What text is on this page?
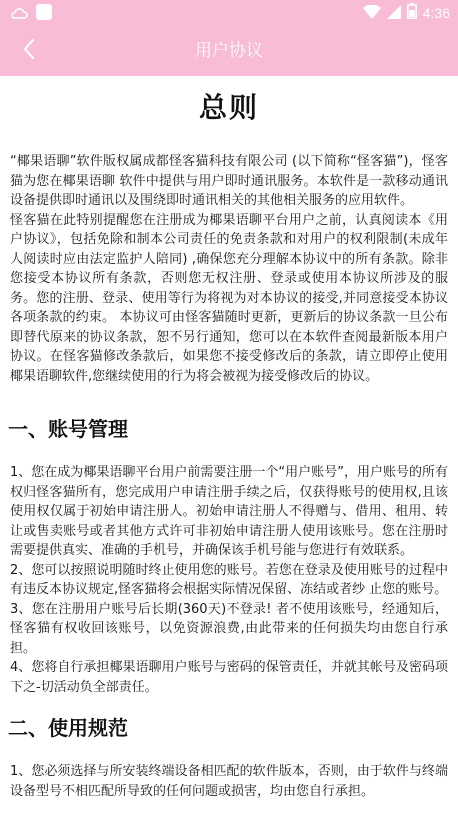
4:36
用户协议
总则

“椰果语聊”软件版权属成都怪客猫科技有限公司 (以下简称“怪客猫”)，怪客猫为您在椰果语聊 软件中提供与用户即时通讯服务。本软件是一款移动通讯设备提供即时通讯以及围绕即时通讯相关的其他相关服务的应用软件。

怪客猫在此特别提醒您在注册成为椰果语聊平台用户之前，认真阅读本《用户协议》，包括免除和制本公司责任的免责条款和对用户的权利限制(未成年人阅读时应由法定监护人陪同) ,确保您充分理解本协议中的所有条款。除非您接受本协议所有条款，否则您无权注册、登录或使用本协议所涉及的服务。您的注册、登录、使用等行为将视为对本协议的接受,并同意接受本协议各项条款的约束。 本协议可由怪客猫随时更新，更新后的协议条款一旦公布即替代原来的协议条款，恕不另行通知，您可以在本软件查阅最新版本用户协议。在怪客猫修改条款后，如果您不接受修改后的条款，请立即停止使用椰果语聊软件,您继续使用的行为将会被视为接受修改后的协议。

一、账号管理

1、您在成为椰果语聊平台用户前需要注册一个“用户账号”，用户账号的所有权归怪客猫所有，您完成用户申请注册手续之后，仅获得账号的使用权,且该使用权仅属于初始申请注册人。初始申请注册人不得赠与、借用、租用、转让或售卖账号或者其他方式许可非初始申请注册人使用该账号。您在注册时需要提供真实、准确的手机号，并确保该手机号能与您进行有效联系。

2、您可以按照说明随时终止使用您的账号。若您在登录及使用账号的过程中有违反本协议规定,怪客猫将会根据实际情况保留、冻结或者纱 止您的账号。

3、您在注册用户账号后长期(360天)不登录! 者不使用该账号，经通知后，怪客猫有权收回该账号，以免资源浪费,由此带来的任何损失均由您自行承担。

4、您将自行承担椰果语聊用户账号与密码的保管责任，并就其帐号及密码项下之-切活动负全部责任。

二、使用规范

1、您必须选择与所安装终端设备相匹配的软件版本，否则，由于软件与终端设备型号不相匹配所导致的任何问题或损害，均由您自行承担。
